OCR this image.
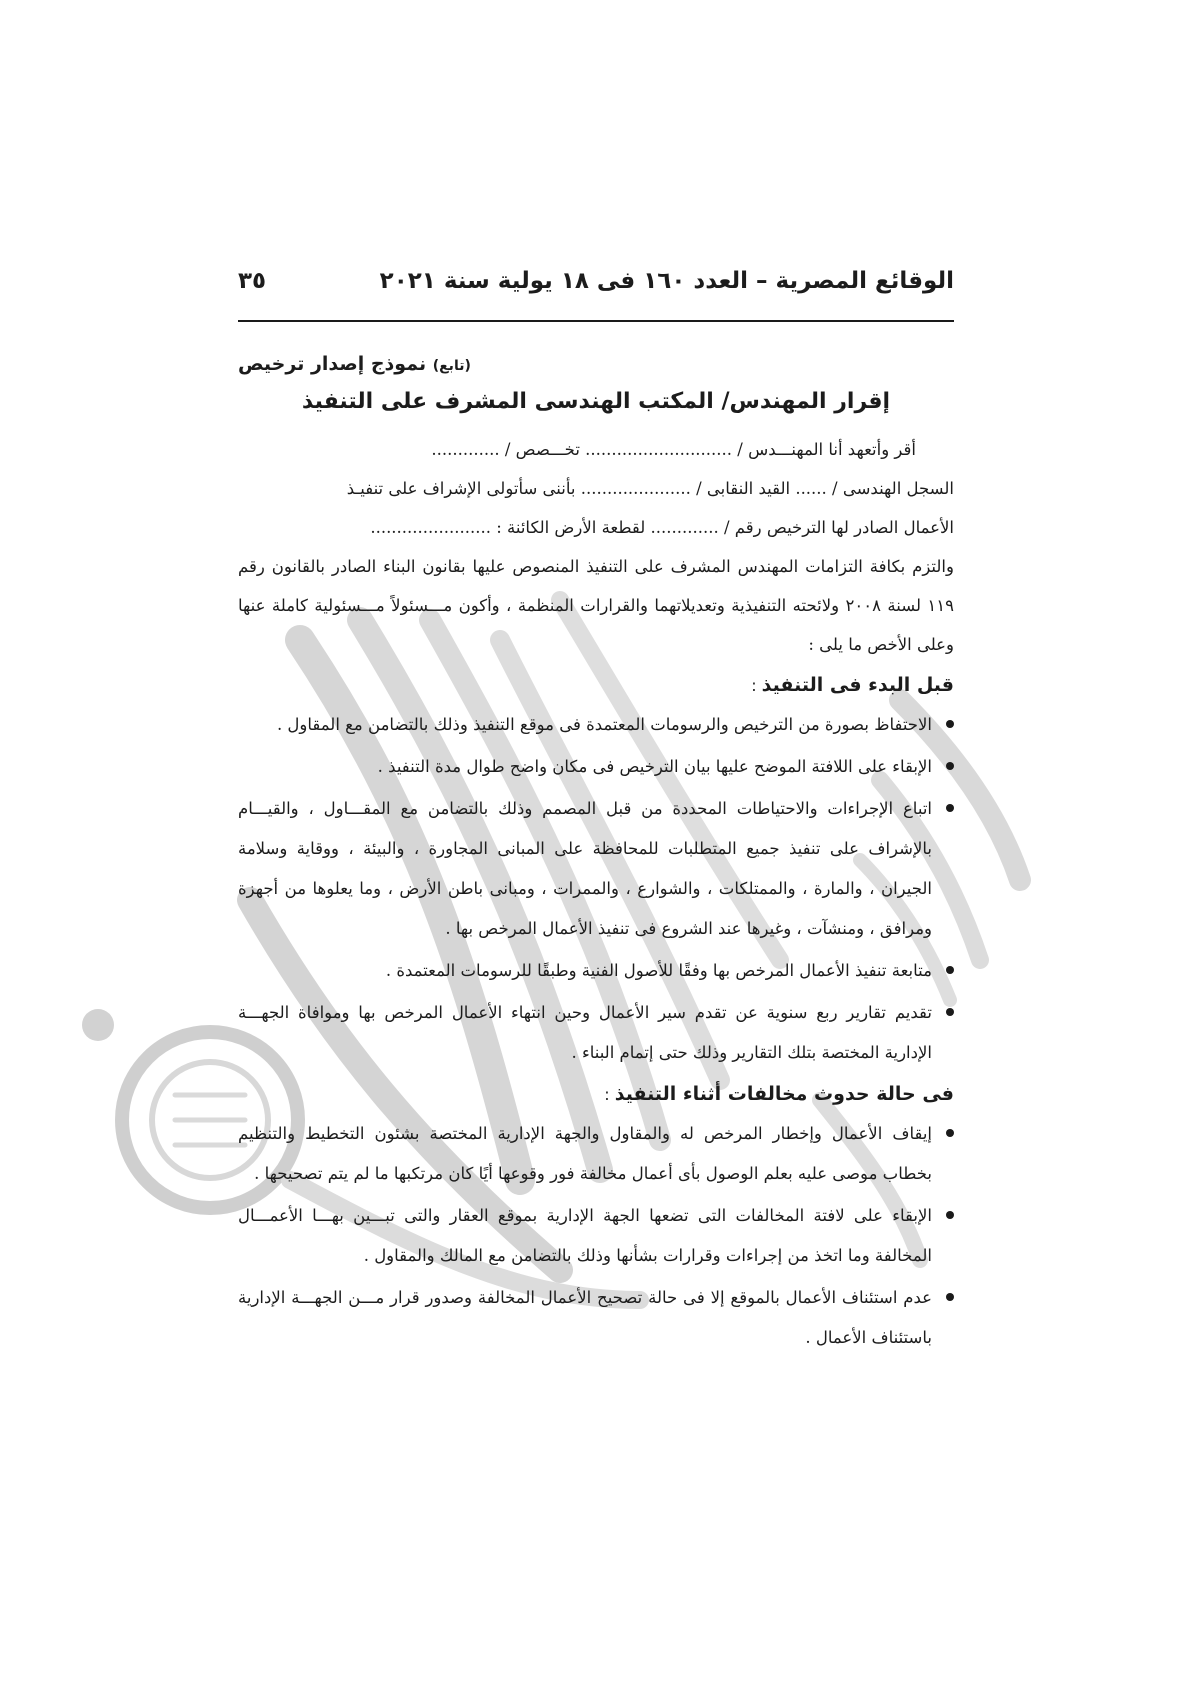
الوقائع المصرية – العدد ١٦٠ فى ١٨ يولية سنة ٢٠٢١
٣٥
(تابع) نموذج إصدار ترخيص
إقرار المهندس/ المكتب الهندسى المشرف على التنفيذ
أقر وأتعهد أنا المهنـــدس / ............................ تخـــصص / .............
السجل الهندسى / ...... القيد النقابى / ..................... بأننى سأتولى الإشراف على تنفيـذ
الأعمال الصادر لها الترخيص رقم / ............. لقطعة الأرض الكائنة : .......................

والتزم بكافة التزامات المهندس المشرف على التنفيذ المنصوص عليها بقانون البناء الصادر بالقانون رقم ١١٩ لسنة ٢٠٠٨ ولائحته التنفيذية وتعديلاتهما والقرارات المنظمة ، وأكون مـــسئولاً مـــسئولية كاملة عنها وعلى الأخص ما يلى :

قبل البدء فى التنفيذ :
الاحتفاظ بصورة من الترخيص والرسومات المعتمدة فى موقع التنفيذ وذلك بالتضامن مع المقاول .
الإبقاء على اللافتة الموضح عليها بيان الترخيص فى مكان واضح طوال مدة التنفيذ .
اتباع الإجراءات والاحتياطات المحددة من قبل المصمم وذلك بالتضامن مع المقـــاول ، والقيـــام بالإشراف على تنفيذ جميع المتطلبات للمحافظة على المبانى المجاورة ، والبيئة ، ووقاية وسلامة الجيران ، والمارة ، والممتلكات ، والشوارع ، والممرات ، ومبانى باطن الأرض ، وما يعلوها من أجهزة ومرافق ، ومنشآت ، وغيرها عند الشروع فى تنفيذ الأعمال المرخص بها .
متابعة تنفيذ الأعمال المرخص بها وفقًا للأصول الفنية وطبقًا للرسومات المعتمدة .
تقديم تقارير ربع سنوية عن تقدم سير الأعمال وحين انتهاء الأعمال المرخص بها وموافاة الجهـــة الإدارية المختصة بتلك التقارير وذلك حتى إتمام البناء .
فى حالة حدوث مخالفات أثناء التنفيذ :
إيقاف الأعمال وإخطار المرخص له والمقاول والجهة الإدارية المختصة بشئون التخطيط والتنظيم بخطاب موصى عليه بعلم الوصول بأى أعمال مخالفة فور وقوعها أيًا كان مرتكبها ما لم يتم تصحيحها .
الإبقاء على لافتة المخالفات التى تضعها الجهة الإدارية بموقع العقار والتى تبـــين بهـــا الأعمـــال المخالفة وما اتخذ من إجراءات وقرارات بشأنها وذلك بالتضامن مع المالك والمقاول .
عدم استئناف الأعمال بالموقع إلا فى حالة تصحيح الأعمال المخالفة وصدور قرار مـــن الجهـــة الإدارية باستئناف الأعمال .
